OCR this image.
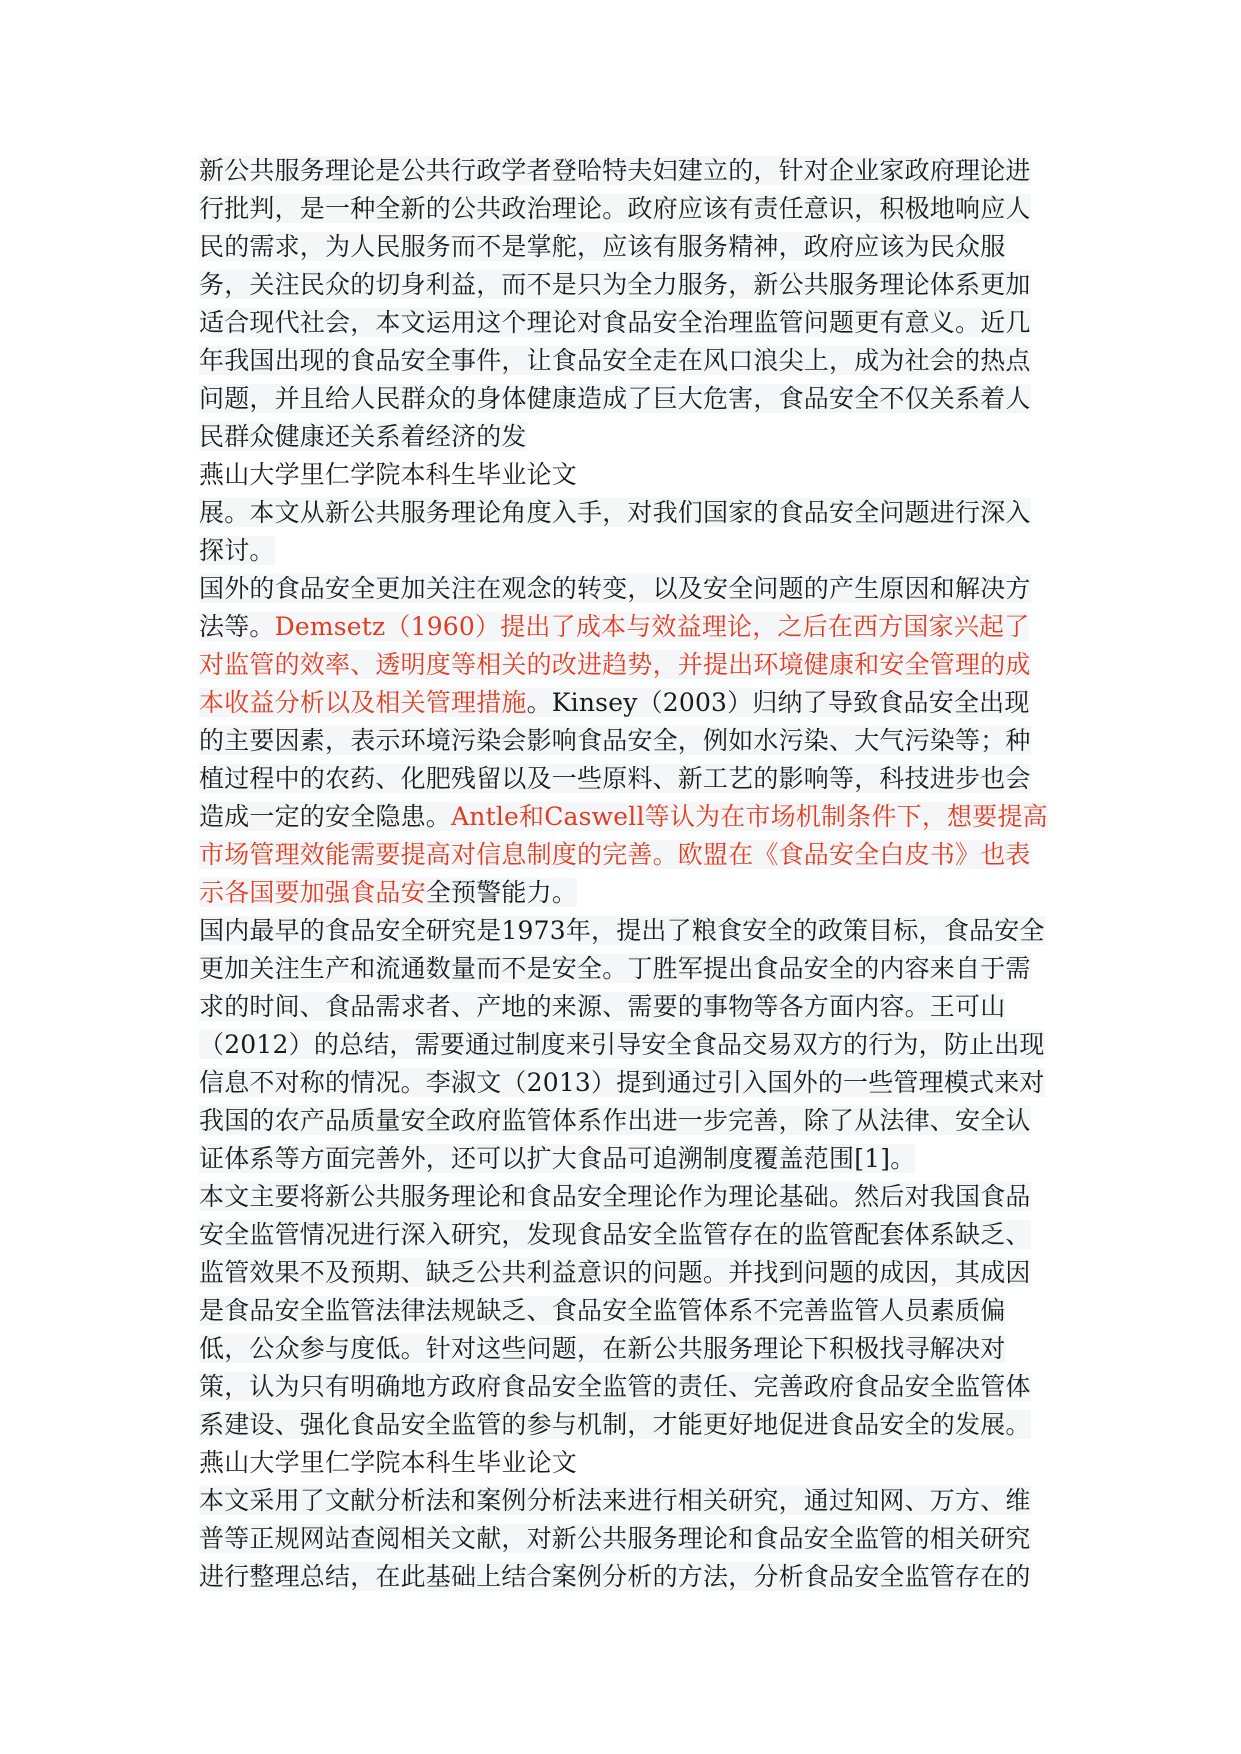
新公共服务理论是公共行政学者登哈特夫妇建立的，针对企业家政府理论进行批判，是一种全新的公共政治理论。政府应该有责任意识，积极地响应人民的需求，为人民服务而不是掌舵，应该有服务精神，政府应该为民众服务，关注民众的切身利益，而不是只为全力服务，新公共服务理论体系更加适合现代社会，本文运用这个理论对食品安全治理监管问题更有意义。近几年我国出现的食品安全事件，让食品安全走在风口浪尖上，成为社会的热点问题，并且给人民群众的身体健康造成了巨大危害，食品安全不仅关系着人民群众健康还关系着经济的发

燕山大学里仁学院本科生毕业论文

展。本文从新公共服务理论角度入手，对我们国家的食品安全问题进行深入探讨。

国外的食品安全更加关注在观念的转变，以及安全问题的产生原因和解决方法等。Demsetz（1960）提出了成本与效益理论，之后在西方国家兴起了对监管的效率、透明度等相关的改进趋势，并提出环境健康和安全管理的成本收益分析以及相关管理措施。Kinsey（2003）归纳了导致食品安全出现的主要因素，表示环境污染会影响食品安全，例如水污染、大气污染等；种植过程中的农药、化肥残留以及一些原料、新工艺的影响等，科技进步也会造成一定的安全隐患。Antle和Caswell等认为在市场机制条件下，想要提高市场管理效能需要提高对信息制度的完善。欧盟在《食品安全白皮书》也表示各国要加强食品安全预警能力。

国内最早的食品安全研究是1973年，提出了粮食安全的政策目标，食品安全更加关注生产和流通数量而不是安全。丁胜军提出食品安全的内容来自于需求的时间、食品需求者、产地的来源、需要的事物等各方面内容。王可山（2012）的总结，需要通过制度来引导安全食品交易双方的行为，防止出现信息不对称的情况。李淑文（2013）提到通过引入国外的一些管理模式来对我国的农产品质量安全政府监管体系作出进一步完善，除了从法律、安全认证体系等方面完善外，还可以扩大食品可追溯制度覆盖范围[1]。

本文主要将新公共服务理论和食品安全理论作为理论基础。然后对我国食品安全监管情况进行深入研究，发现食品安全监管存在的监管配套体系缺乏、监管效果不及预期、缺乏公共利益意识的问题。并找到问题的成因，其成因是食品安全监管法律法规缺乏、食品安全监管体系不完善监管人员素质偏低，公众参与度低。针对这些问题，在新公共服务理论下积极找寻解决对策，认为只有明确地方政府食品安全监管的责任、完善政府食品安全监管体系建设、强化食品安全监管的参与机制，才能更好地促进食品安全的发展。

燕山大学里仁学院本科生毕业论文

本文采用了文献分析法和案例分析法来进行相关研究，通过知网、万方、维普等正规网站查阅相关文献，对新公共服务理论和食品安全监管的相关研究进行整理总结，在此基础上结合案例分析的方法，分析食品安全监管存在的
